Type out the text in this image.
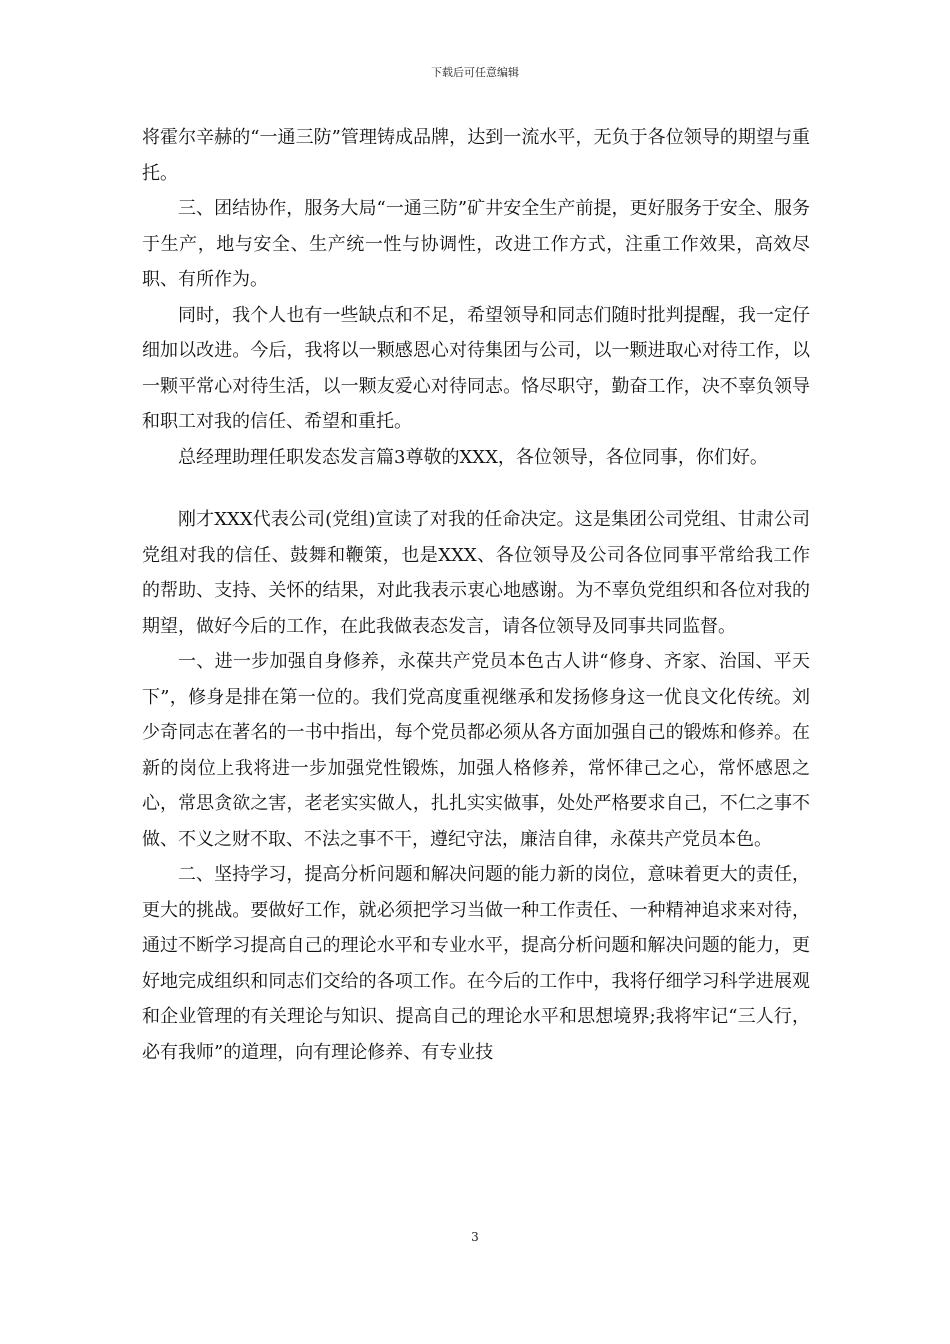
下载后可任意编辑

将霍尔辛赫的“一通三防”管理铸成品牌，达到一流水平，无负于各位领导的期望与重托。

三、团结协作，服务大局“一通三防”矿井安全生产前提，更好服务于安全、服务于生产，地与安全、生产统一性与协调性，改进工作方式，注重工作效果，高效尽职、有所作为。

同时，我个人也有一些缺点和不足，希望领导和同志们随时批判提醒，我一定仔细加以改进。今后，我将以一颗感恩心对待集团与公司，以一颗进取心对待工作，以一颗平常心对待生活，以一颗友爱心对待同志。恪尽职守，勤奋工作，决不辜负领导和职工对我的信任、希望和重托。

总经理助理任职发态发言篇3尊敬的XXX，各位领导，各位同事，你们好。

刚才XXX代表公司(党组)宣读了对我的任命决定。这是集团公司党组、甘肃公司党组对我的信任、鼓舞和鞭策，也是XXX、各位领导及公司各位同事平常给我工作的帮助、支持、关怀的结果，对此我表示衷心地感谢。为不辜负党组织和各位对我的期望，做好今后的工作，在此我做表态发言，请各位领导及同事共同监督。

一、进一步加强自身修养，永葆共产党员本色古人讲“修身、齐家、治国、平天下”，修身是排在第一位的。我们党高度重视继承和发扬修身这一优良文化传统。刘少奇同志在著名的一书中指出，每个党员都必须从各方面加强自己的锻炼和修养。在新的岗位上我将进一步加强党性锻炼，加强人格修养，常怀律己之心，常怀感恩之心，常思贪欲之害，老老实实做人，扎扎实实做事，处处严格要求自己，不仁之事不做、不义之财不取、不法之事不干，遵纪守法，廉洁自律，永葆共产党员本色。

二、坚持学习，提高分析问题和解决问题的能力新的岗位，意味着更大的责任，更大的挑战。要做好工作，就必须把学习当做一种工作责任、一种精神追求来对待，通过不断学习提高自己的理论水平和专业水平，提高分析问题和解决问题的能力，更好地完成组织和同志们交给的各项工作。在今后的工作中，我将仔细学习科学进展观和企业管理的有关理论与知识、提高自己的理论水平和思想境界;我将牢记“三人行，必有我师”的道理，向有理论修养、有专业技

3
